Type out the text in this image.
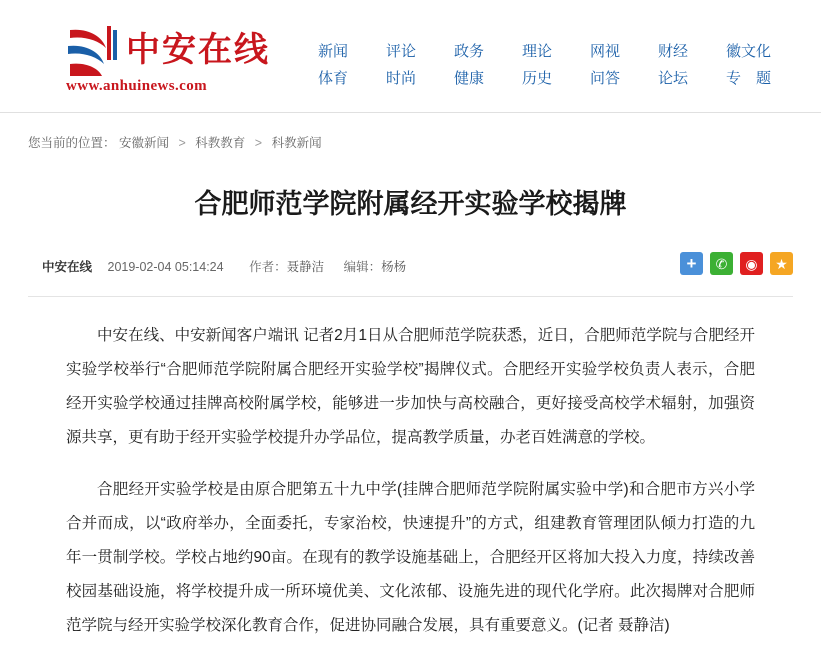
中安在线
www.anhuinews.com
新闻
体育
评论
时尚
政务
健康
理论
历史
网视
问答
财经
论坛
徽文化
专　题
您当前的位置： 安徽新闻 > 科教教育 > 科教新闻
合肥师范学院附属经开实验学校揭牌
中安在线 2019-02-04 05:14:24 作者：聂静洁 编辑：杨杨	+	✆	◉	★

中安在线、中安新闻客户端讯 记者2月1日从合肥师范学院获悉，近日，合肥师范学院与合肥经开实验学校举行“合肥师范学院附属合肥经开实验学校”揭牌仪式。合肥经开实验学校负责人表示，合肥经开实验学校通过挂牌高校附属学校，能够进一步加快与高校融合，更好接受高校学术辐射，加强资源共享，更有助于经开实验学校提升办学品位，提高教学质量，办老百姓满意的学校。

合肥经开实验学校是由原合肥第五十九中学(挂牌合肥师范学院附属实验中学)和合肥市方兴小学合并而成，以“政府举办，全面委托，专家治校，快速提升”的方式，组建教育管理团队倾力打造的九年一贯制学校。学校占地约90亩。在现有的教学设施基础上，合肥经开区将加大投入力度，持续改善校园基础设施，将学校提升成一所环境优美、文化浓郁、设施先进的现代化学府。此次揭牌对合肥师范学院与经开实验学校深化教育合作，促进协同融合发展，具有重要意义。(记者 聂静洁)
